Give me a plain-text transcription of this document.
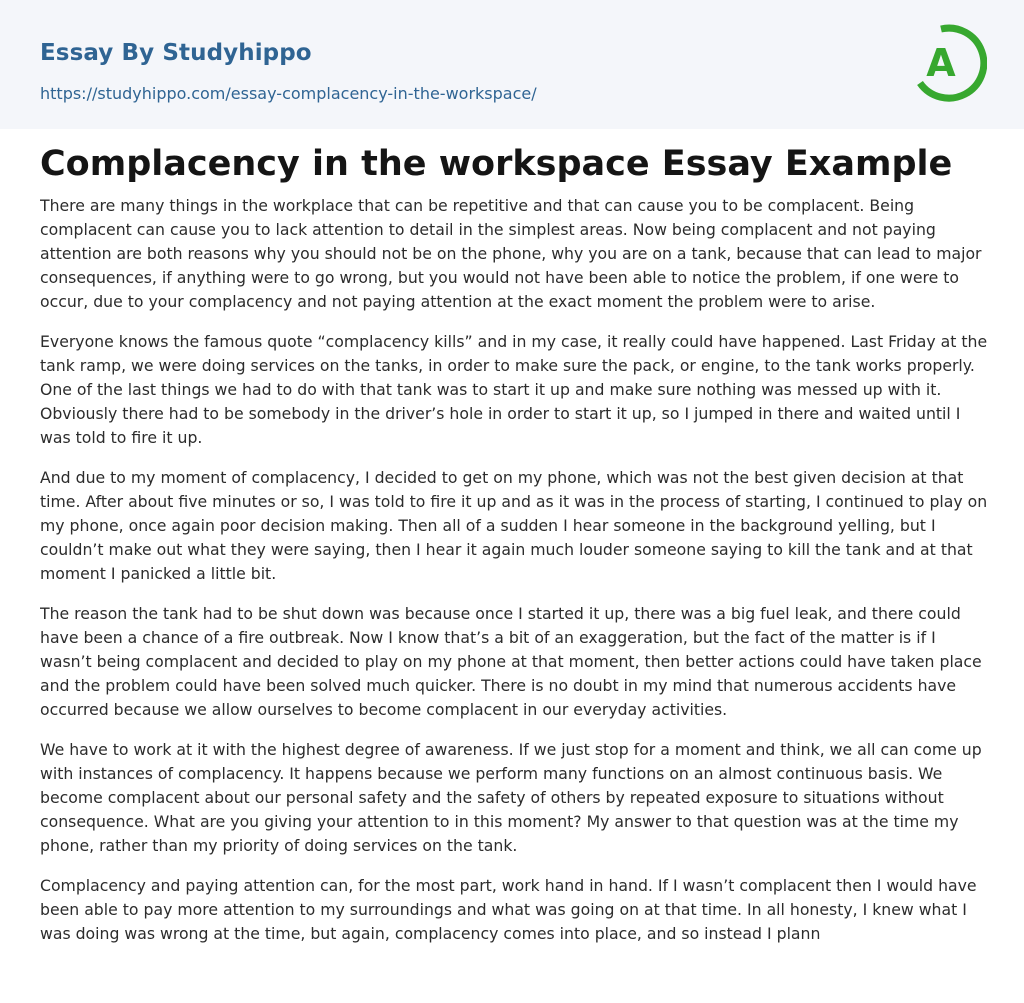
Essay By Studyhippo
https://studyhippo.com/essay-complacency-in-the-workspace/
A
Complacency in the workspace Essay Example

There are many things in the workplace that can be repetitive and that can cause you to be complacent. Being complacent can cause you to lack attention to detail in the simplest areas. Now being complacent and not paying attention are both reasons why you should not be on the phone, why you are on a tank, because that can lead to major consequences, if anything were to go wrong, but you would not have been able to notice the problem, if one were to occur, due to your complacency and not paying attention at the exact moment the problem were to arise.

Everyone knows the famous quote “complacency kills” and in my case, it really could have happened. Last Friday at the tank ramp, we were doing services on the tanks, in order to make sure the pack, or engine, to the tank works properly. One of the last things we had to do with that tank was to start it up and make sure nothing was messed up with it. Obviously there had to be somebody in the driver’s hole in order to start it up, so I jumped in there and waited until I was told to fire it up.

And due to my moment of complacency, I decided to get on my phone, which was not the best given decision at that time. After about five minutes or so, I was told to fire it up and as it was in the process of starting, I continued to play on my phone, once again poor decision making. Then all of a sudden I hear someone in the background yelling, but I couldn’t make out what they were saying, then I hear it again much louder someone saying to kill the tank and at that moment I panicked a little bit.

The reason the tank had to be shut down was because once I started it up, there was a big fuel leak, and there could have been a chance of a fire outbreak. Now I know that’s a bit of an exaggeration, but the fact of the matter is if I wasn’t being complacent and decided to play on my phone at that moment, then better actions could have taken place and the problem could have been solved much quicker. There is no doubt in my mind that numerous accidents have occurred because we allow ourselves to become complacent in our everyday activities.

We have to work at it with the highest degree of awareness. If we just stop for a moment and think, we all can come up with instances of complacency. It happens because we perform many functions on an almost continuous basis. We become complacent about our personal safety and the safety of others by repeated exposure to situations without consequence. What are you giving your attention to in this moment? My answer to that question was at the time my phone, rather than my priority of doing services on the tank.

Complacency and paying attention can, for the most part, work hand in hand. If I wasn’t complacent then I would have been able to pay more attention to my surroundings and what was going on at that time. In all honesty, I knew what I was doing was wrong at the time, but again, complacency comes into place, and so instead I plann
